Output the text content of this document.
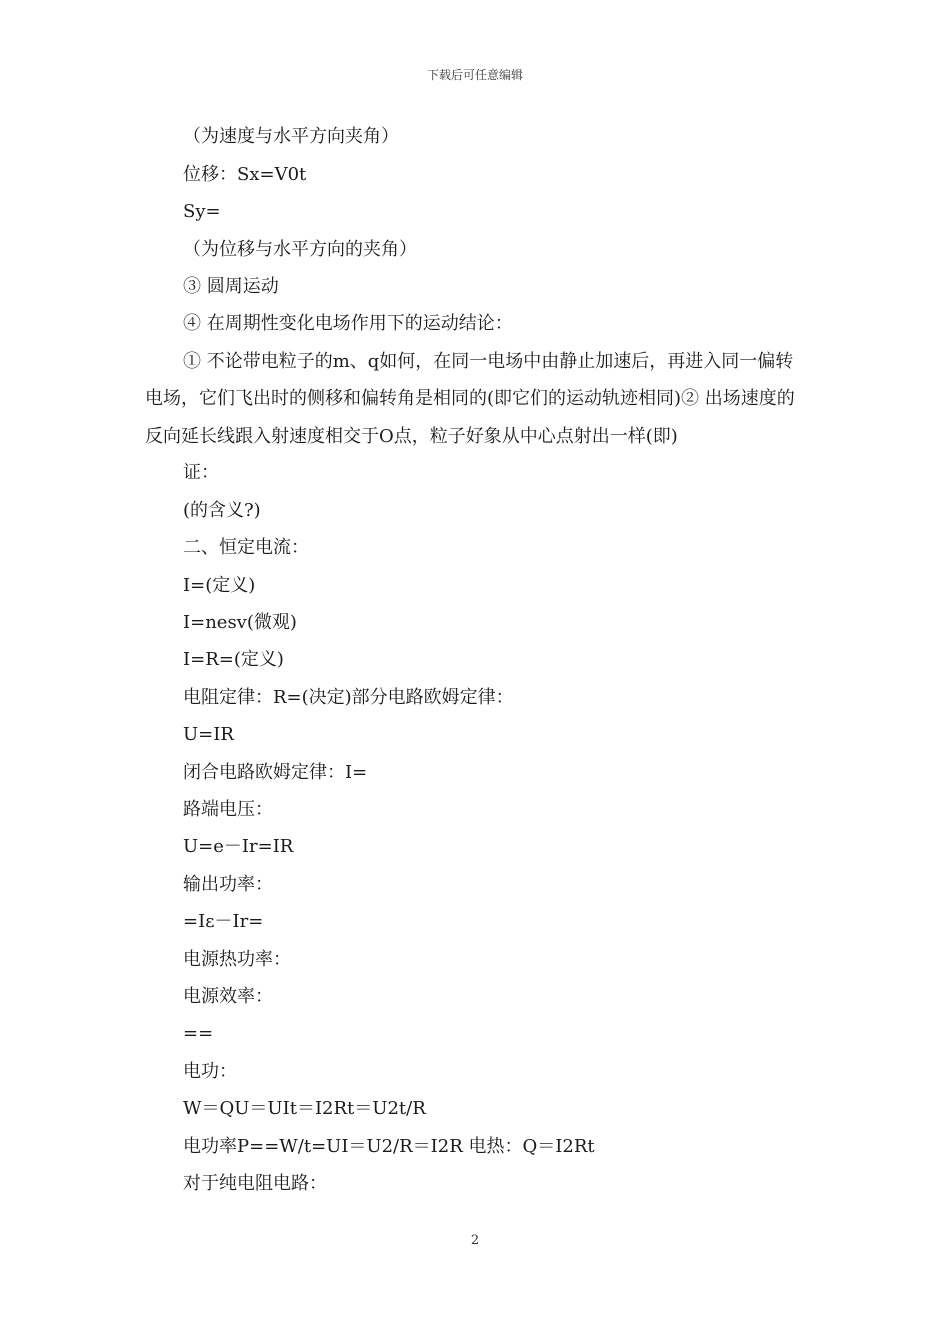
下载后可任意编辑
（为速度与水平方向夹角）
位移：Sx=V0t
Sy=
（为位移与水平方向的夹角）
③ 圆周运动
④ 在周期性变化电场作用下的运动结论：
① 不论带电粒子的m、q如何，在同一电场中由静止加速后，再进入同一偏转电场，它们飞出时的侧移和偏转角是相同的(即它们的运动轨迹相同)② 出场速度的反向延长线跟入射速度相交于O点，粒子好象从中心点射出一样(即)
证：
(的含义?)
二、恒定电流：
I=(定义)
I=nesv(微观)
I=R=(定义)
电阻定律：R=(决定)部分电路欧姆定律：
U=IR
闭合电路欧姆定律：I=
路端电压：
U=e－Ir=IR
输出功率：
=Iε－Ir=
电源热功率：
电源效率：
==
电功：
W＝QU＝UIt＝I2Rt＝U2t/R
电功率P==W/t=UI＝U2/R＝I2R 电热：Q＝I2Rt
对于纯电阻电路：
2
